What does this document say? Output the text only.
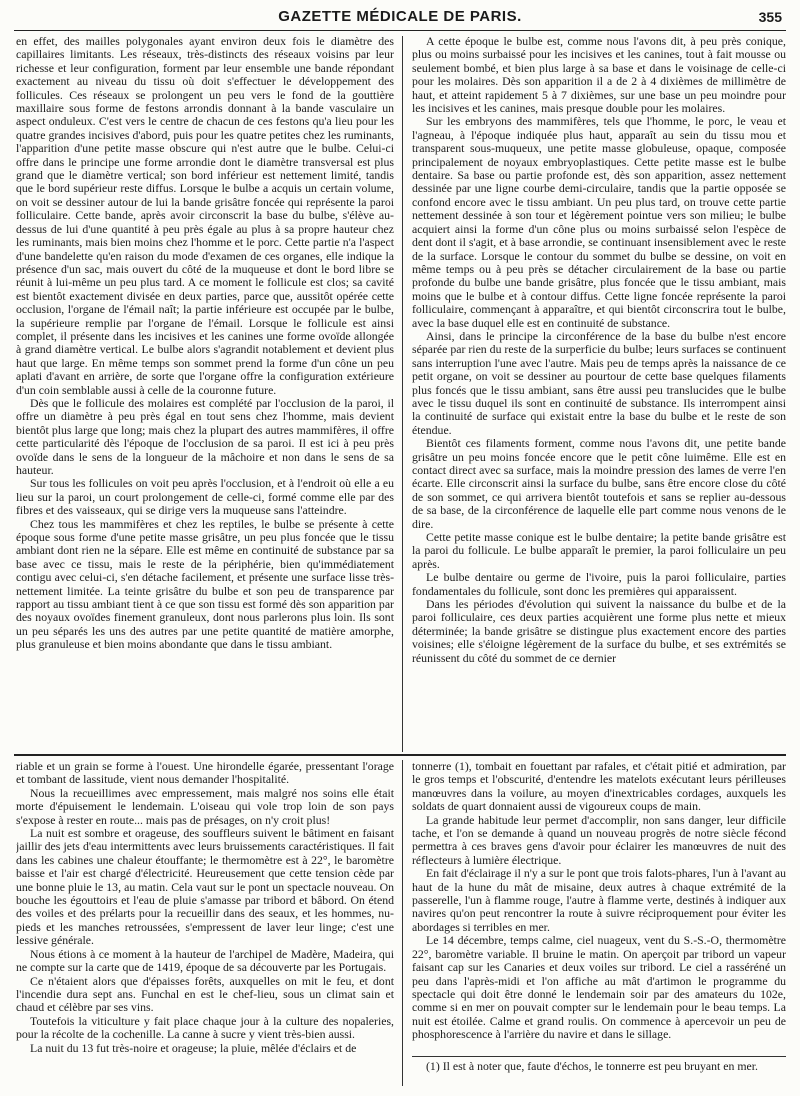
GAZETTE MÉDICALE DE PARIS.	355

en effet, des mailles polygonales ayant environ deux fois le diamètre des capillaires limitants. Les réseaux, très-distincts des réseaux voisins par leur richesse et leur configuration, forment par leur ensemble une bande répondant exactement au niveau du tissu où doit s'effectuer le développement des follicules. Ces réseaux se prolongent un peu vers le fond de la gouttière maxillaire sous forme de festons arrondis donnant à la bande vasculaire un aspect onduleux. C'est vers le centre de chacun de ces festons qu'a lieu pour les quatre grandes incisives d'abord, puis pour les quatre petites chez les ruminants, l'apparition d'une petite masse obscure qui n'est autre que le bulbe. Celui-ci offre dans le principe une forme arrondie dont le diamètre transversal est plus grand que le diamètre vertical; son bord inférieur est nettement limité, tandis que le bord supérieur reste diffus. Lorsque le bulbe a acquis un certain volume, on voit se dessiner autour de lui la bande grisâtre foncée qui représente la paroi folliculaire. Cette bande, après avoir circonscrit la base du bulbe, s'élève au-dessus de lui d'une quantité à peu près égale au plus à sa propre hauteur chez les ruminants, mais bien moins chez l'homme et le porc. Cette partie n'a l'aspect d'une bandelette qu'en raison du mode d'examen de ces organes, elle indique la présence d'un sac, mais ouvert du côté de la muqueuse et dont le bord libre se réunit à lui-même un peu plus tard. A ce moment le follicule est clos; sa cavité est bientôt exactement divisée en deux parties, parce que, aussitôt opérée cette occlusion, l'organe de l'émail naît; la partie inférieure est occupée par le bulbe, la supérieure remplie par l'organe de l'émail. Lorsque le follicule est ainsi complet, il présente dans les incisives et les canines une forme ovoïde allongée à grand diamètre vertical. Le bulbe alors s'agrandit notablement et devient plus haut que large. En même temps son sommet prend la forme d'un cône un peu aplati d'avant en arrière, de sorte que l'organe offre la configuration extérieure d'un coin semblable aussi à celle de la couronne future.

Dès que le follicule des molaires est complété par l'occlusion de la paroi, il offre un diamètre à peu près égal en tout sens chez l'homme, mais devient bientôt plus large que long; mais chez la plupart des autres mammifères, il offre cette particularité dès l'époque de l'occlusion de sa paroi. Il est ici à peu près ovoïde dans le sens de la longueur de la mâchoire et non dans le sens de sa hauteur.

Sur tous les follicules on voit peu après l'occlusion, et à l'endroit où elle a eu lieu sur la paroi, un court prolongement de celle-ci, formé comme elle par des fibres et des vaisseaux, qui se dirige vers la muqueuse sans l'atteindre.

Chez tous les mammifères et chez les reptiles, le bulbe se présente à cette époque sous forme d'une petite masse grisâtre, un peu plus foncée que le tissu ambiant dont rien ne la sépare. Elle est même en continuité de substance par sa base avec ce tissu, mais le reste de la périphérie, bien qu'immédiatement contigu avec celui-ci, s'en détache facilement, et présente une surface lisse très-nettement limitée. La teinte grisâtre du bulbe et son peu de transparence par rapport au tissu ambiant tient à ce que son tissu est formé dès son apparition par des noyaux ovoïdes finement granuleux, dont nous parlerons plus loin. Ils sont un peu séparés les uns des autres par une petite quantité de matière amorphe, plus granuleuse et bien moins abondante que dans le tissu ambiant.

A cette époque le bulbe est, comme nous l'avons dit, à peu près conique, plus ou moins surbaissé pour les incisives et les canines, tout à fait mousse ou seulement bombé, et bien plus large à sa base et dans le voisinage de celle-ci pour les molaires. Dès son apparition il a de 2 à 4 dixièmes de millimètre de haut, et atteint rapidement 5 à 7 dixièmes, sur une base un peu moindre pour les incisives et les canines, mais presque double pour les molaires.

Sur les embryons des mammifères, tels que l'homme, le porc, le veau et l'agneau, à l'époque indiquée plus haut, apparaît au sein du tissu mou et transparent sous-muqueux, une petite masse globuleuse, opaque, composée principalement de noyaux embryoplastiques. Cette petite masse est le bulbe dentaire. Sa base ou partie profonde est, dès son apparition, assez nettement dessinée par une ligne courbe demi-circulaire, tandis que la partie opposée se confond encore avec le tissu ambiant. Un peu plus tard, on trouve cette partie nettement dessinée à son tour et légèrement pointue vers son milieu; le bulbe acquiert ainsi la forme d'un cône plus ou moins surbaissé selon l'espèce de dent dont il s'agit, et à base arrondie, se continuant insensiblement avec le reste de la surface. Lorsque le contour du sommet du bulbe se dessine, on voit en même temps ou à peu près se détacher circulairement de la base ou partie profonde du bulbe une bande grisâtre, plus foncée que le tissu ambiant, mais moins que le bulbe et à contour diffus. Cette ligne foncée représente la paroi folliculaire, commençant à apparaître, et qui bientôt circonscrira tout le bulbe, avec la base duquel elle est en continuité de substance.

Ainsi, dans le principe la circonférence de la base du bulbe n'est encore séparée par rien du reste de la surperficie du bulbe; leurs surfaces se continuent sans interruption l'une avec l'autre. Mais peu de temps après la naissance de ce petit organe, on voit se dessiner au pourtour de cette base quelques filaments plus foncés que le tissu ambiant, sans être aussi peu translucides que le bulbe avec le tissu duquel ils sont en continuité de substance. Ils interrompent ainsi la continuité de surface qui existait entre la base du bulbe et le reste de son étendue.

Bientôt ces filaments forment, comme nous l'avons dit, une petite bande grisâtre un peu moins foncée encore que le petit cône luimême. Elle est en contact direct avec sa surface, mais la moindre pression des lames de verre l'en écarte. Elle circonscrit ainsi la surface du bulbe, sans être encore close du côté de son sommet, ce qui arrivera bientôt toutefois et sans se replier au-dessous de sa base, de la circonférence de laquelle elle part comme nous venons de le dire.

Cette petite masse conique est le bulbe dentaire; la petite bande grisâtre est la paroi du follicule. Le bulbe apparaît le premier, la paroi folliculaire un peu après.

Le bulbe dentaire ou germe de l'ivoire, puis la paroi folliculaire, parties fondamentales du follicule, sont donc les premières qui apparaissent.

Dans les périodes d'évolution qui suivent la naissance du bulbe et de la paroi folliculaire, ces deux parties acquièrent une forme plus nette et mieux déterminée; la bande grisâtre se distingue plus exactement encore des parties voisines; elle s'éloigne légèrement de la surface du bulbe, et ses extrémités se réunissent du côté du sommet de ce dernier

riable et un grain se forme à l'ouest. Une hirondelle égarée, pressentant l'orage et tombant de lassitude, vient nous demander l'hospitalité.

Nous la recueillimes avec empressement, mais malgré nos soins elle était morte d'épuisement le lendemain. L'oiseau qui vole trop loin de son pays s'expose à rester en route... mais pas de présages, on n'y croit plus!

La nuit est sombre et orageuse, des souffleurs suivent le bâtiment en faisant jaillir des jets d'eau intermittents avec leurs bruissements caractéristiques. Il fait dans les cabines une chaleur étouffante; le thermomètre est à 22°, le baromètre baisse et l'air est chargé d'électricité. Heureusement que cette tension cède par une bonne pluie le 13, au matin. Cela vaut sur le pont un spectacle nouveau. On bouche les égouttoirs et l'eau de pluie s'amasse par tribord et bâbord. On étend des voiles et des prélarts pour la recueillir dans des seaux, et les hommes, nu-pieds et les manches retroussées, s'empressent de laver leur linge; c'est une lessive générale.

Nous étions à ce moment à la hauteur de l'archipel de Madère, Madeira, qui ne compte sur la carte que de 1419, époque de sa découverte par les Portugais.

Ce n'étaient alors que d'épaisses forêts, auxquelles on mit le feu, et dont l'incendie dura sept ans. Funchal en est le chef-lieu, sous un climat sain et chaud et célèbre par ses vins.

Toutefois la viticulture y fait place chaque jour à la culture des nopaleries, pour la récolte de la cochenille. La canne à sucre y vient très-bien aussi.

La nuit du 13 fut très-noire et orageuse; la pluie, mêlée d'éclairs et de

tonnerre (1), tombait en fouettant par rafales, et c'était pitié et admiration, par le gros temps et l'obscurité, d'entendre les matelots exécutant leurs périlleuses manœuvres dans la voilure, au moyen d'inextricables cordages, auxquels les soldats de quart donnaient aussi de vigoureux coups de main.

La grande habitude leur permet d'accomplir, non sans danger, leur difficile tache, et l'on se demande à quand un nouveau progrès de notre siècle fécond permettra à ces braves gens d'avoir pour éclairer les manœuvres de nuit des réflecteurs à lumière électrique.

En fait d'éclairage il n'y a sur le pont que trois falots-phares, l'un à l'avant au haut de la hune du mât de misaine, deux autres à chaque extrémité de la passerelle, l'un à flamme rouge, l'autre à flamme verte, destinés à indiquer aux navires qu'on peut rencontrer la route à suivre réciproquement pour éviter les abordages si terribles en mer.

Le 14 décembre, temps calme, ciel nuageux, vent du S.-S.-O, thermomètre 22°, baromètre variable. Il bruine le matin. On aperçoit par tribord un vapeur faisant cap sur les Canaries et deux voiles sur tribord. Le ciel a rasséréné un peu dans l'après-midi et l'on affiche au mât d'artimon le programme du spectacle qui doit être donné le lendemain soir par des amateurs du 102e, comme si en mer on pouvait compter sur le lendemain pour le beau temps. La nuit est étoilée. Calme et grand roulis. On commence à apercevoir un peu de phosphorescence à l'arrière du navire et dans le sillage.

(1) Il est à noter que, faute d'échos, le tonnerre est peu bruyant en mer.
